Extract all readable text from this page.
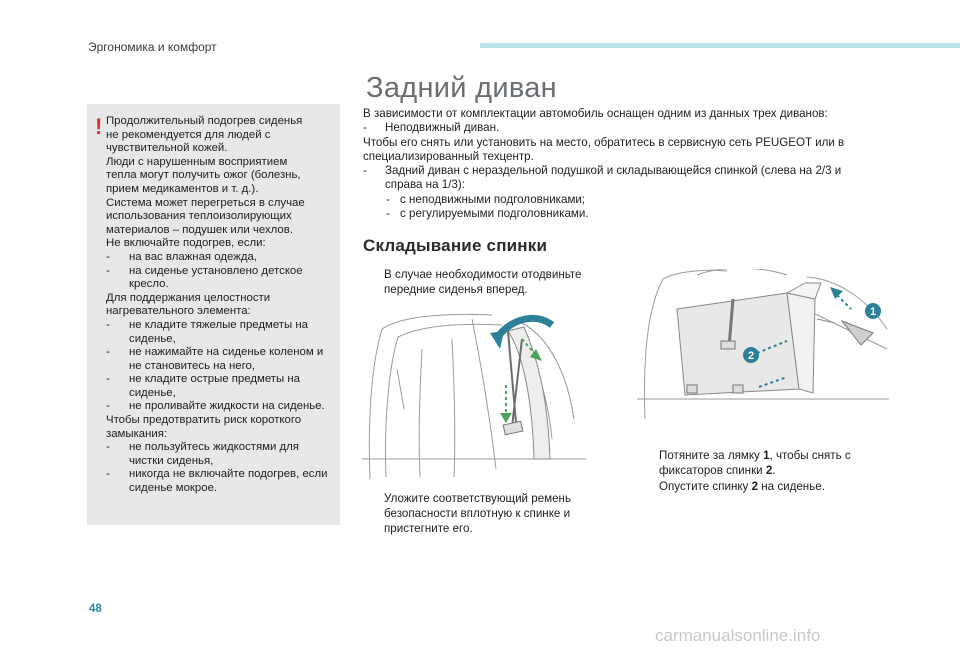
Эргономика и комфорт
! Продолжительный подогрев сиденья
не рекомендуется для людей с
чувствительной кожей.
Люди с нарушенным восприятием
тепла могут получить ожог (болезнь,
прием медикаментов и т. д.).
Система может перегреться в случае
использования теплоизолирующих
материалов – подушек или чехлов.
Не включайте подогрев, если:
- на вас влажная одежда,
- на сиденье установлено детское кресло.
Для поддержания целостности
нагревательного элемента:
- не кладите тяжелые предметы на сиденье,
- не нажимайте на сиденье коленом и не становитесь на него,
- не кладите острые предметы на сиденье,
- не проливайте жидкости на сиденье.
Чтобы предотвратить риск короткого
замыкания:
- не пользуйтесь жидкостями для чистки сиденья,
- никогда не включайте подогрев, если сиденье мокрое.
Задний диван
В зависимости от комплектации автомобиль оснащен одним из данных трех диванов:
- Неподвижный диван.
Чтобы его снять или установить на место, обратитесь в сервисную сеть PEUGEOT или в
специализированный техцентр.
- Задний диван с нераздельной подушкой и складывающейся спинкой (слева на 2/3 и
справа на 1/3):
- с неподвижными подголовниками;
- с регулируемыми подголовниками.
Складывание спинки
В случае необходимости отодвиньте
передние сиденья вперед.
1
2
Уложите соответствующий ремень
безопасности вплотную к спинке и
пристегните его.
Потяните за лямку 1, чтобы снять с
фиксаторов спинки 2.
Опустите спинку 2 на сиденье.
48
carmanualsonline.info
